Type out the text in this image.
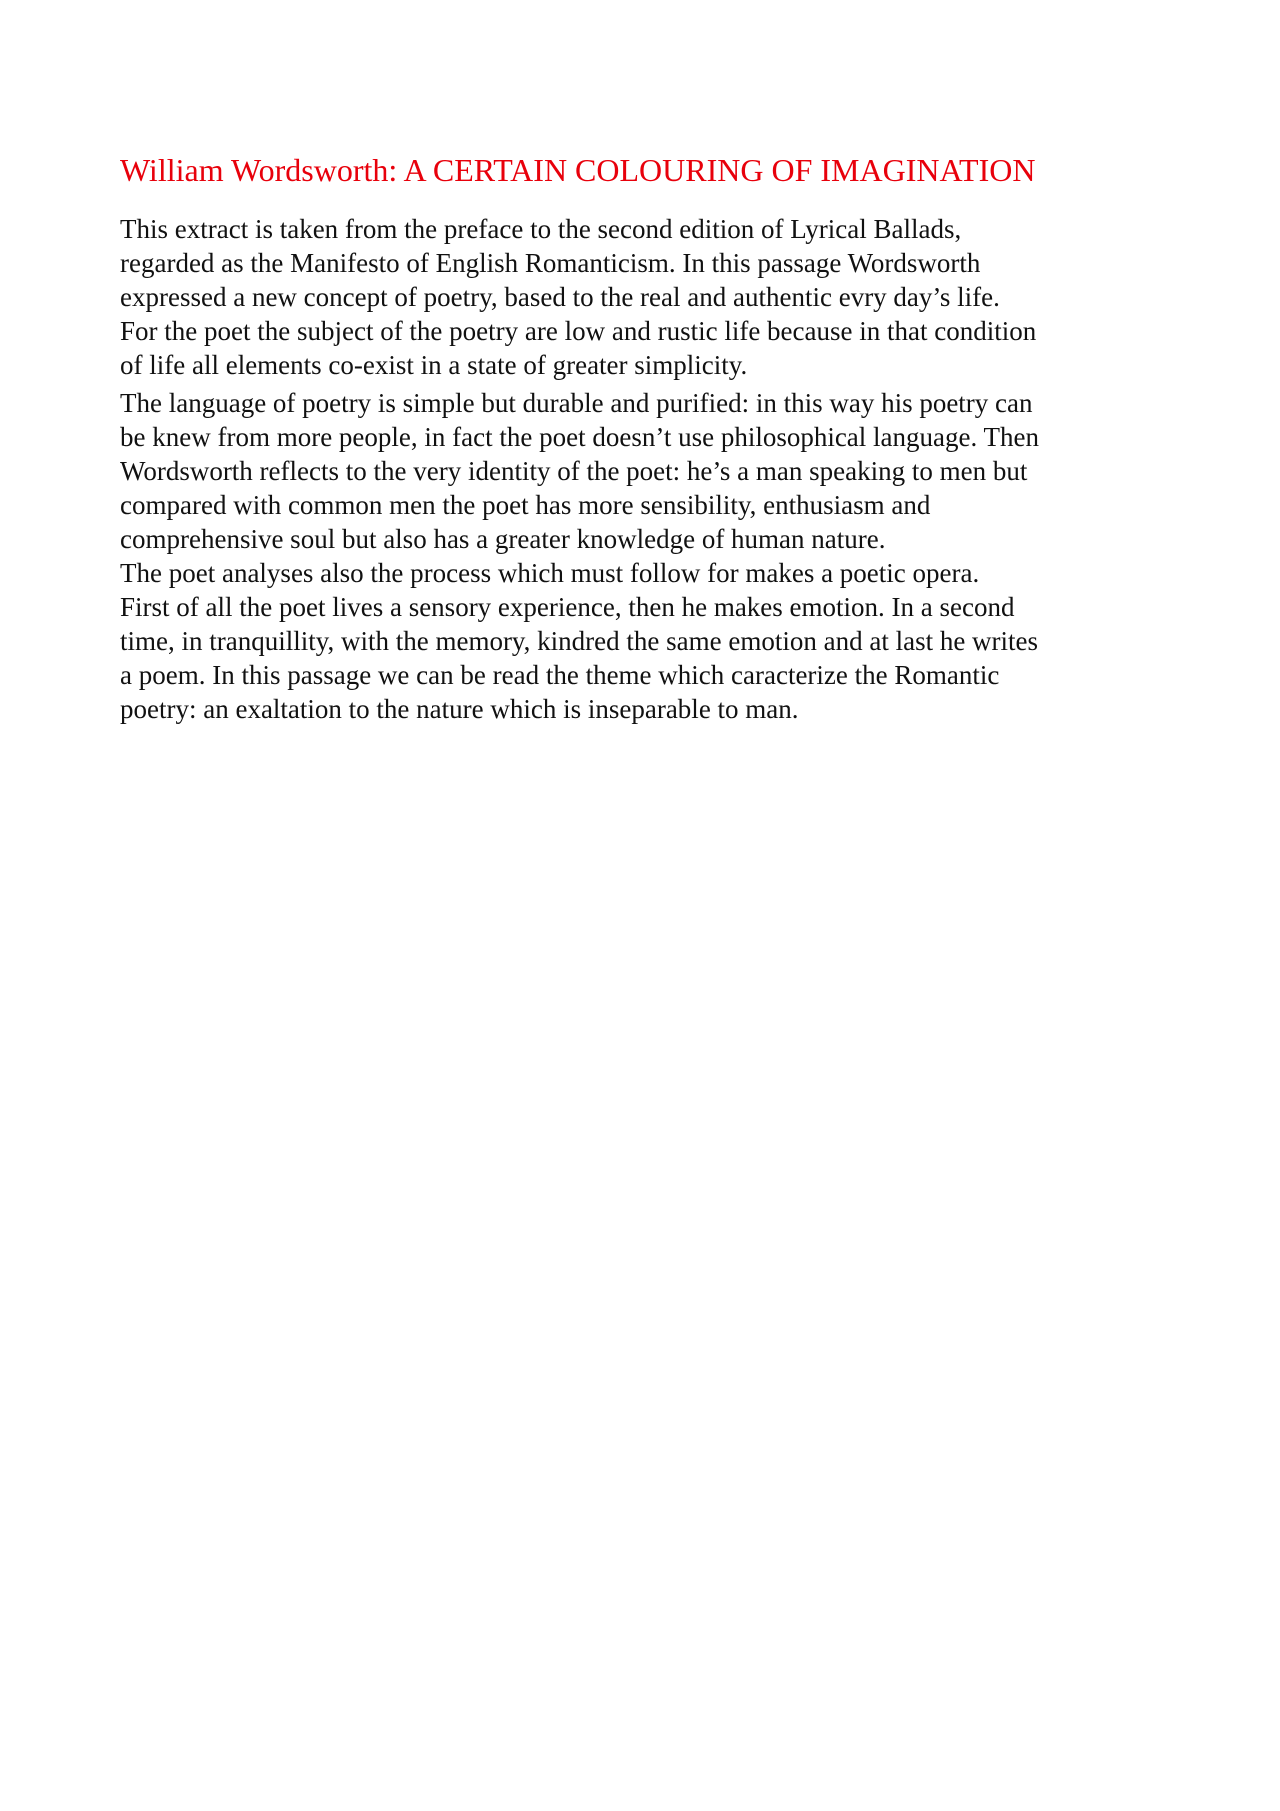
William Wordsworth: A CERTAIN COLOURING OF IMAGINATION
This extract is taken from the preface to the second edition of Lyrical Ballads,
regarded as the Manifesto of English Romanticism. In this passage Wordsworth
expressed a new concept of poetry, based to the real and authentic evry day’s life.
For the poet the subject of the poetry are low and rustic life because in that condition
of life all elements co-exist in a state of greater simplicity.
The language of poetry is simple but durable and purified: in this way his poetry can
be knew from more people, in fact the poet doesn’t use philosophical language. Then
Wordsworth reflects to the very identity of the poet: he’s a man speaking to men but
compared with common men the poet has more sensibility, enthusiasm and
comprehensive soul but also has a greater knowledge of human nature.
The poet analyses also the process which must follow for makes a poetic opera.
First of all the poet lives a sensory experience, then he makes emotion. In a second
time, in tranquillity, with the memory, kindred the same emotion and at last he writes
a poem. In this passage we can be read the theme which caracterize the Romantic
poetry: an exaltation to the nature which is inseparable to man.
